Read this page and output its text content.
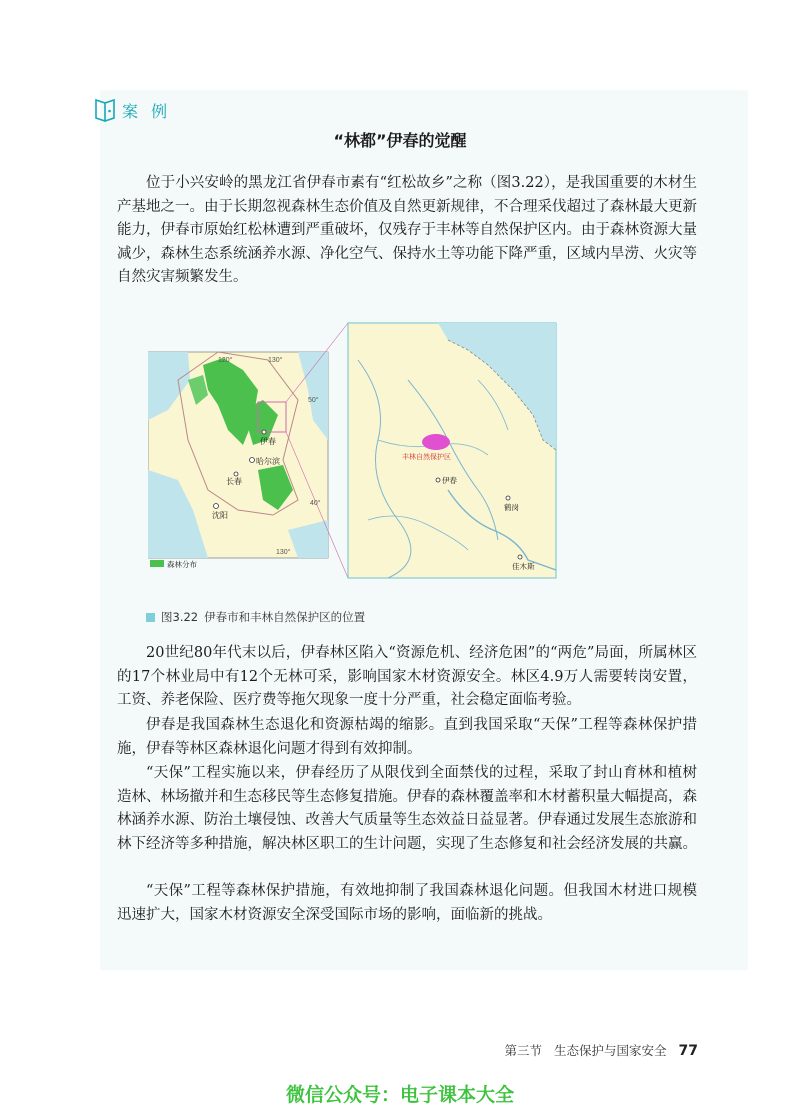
案 例
“林都”伊春的觉醒

位于小兴安岭的黑龙江省伊春市素有“红松故乡”之称（图3.22），是我国重要的木材生产基地之一。由于长期忽视森林生态价值及自然更新规律，不合理采伐超过了森林最大更新能力，伊春市原始红松林遭到严重破坏，仅残存于丰林等自然保护区内。由于森林资源大量减少，森林生态系统涵养水源、净化空气、保持水土等功能下降严重，区域内旱涝、火灾等自然灾害频繁发生。

120°	130°
50°
40°
130°
伊春
哈尔滨
长春
沈阳
森林分布
丰林自然保护区
伊春
鹤岗
佳木斯
图3.22 伊春市和丰林自然保护区的位置

20世纪80年代末以后，伊春林区陷入“资源危机、经济危困”的“两危”局面，所属林区的17个林业局中有12个无林可采，影响国家木材资源安全。林区4.9万人需要转岗安置，工资、养老保险、医疗费等拖欠现象一度十分严重，社会稳定面临考验。

伊春是我国森林生态退化和资源枯竭的缩影。直到我国采取“天保”工程等森林保护措施，伊春等林区森林退化问题才得到有效抑制。

“天保”工程实施以来，伊春经历了从限伐到全面禁伐的过程，采取了封山育林和植树造林、林场撤并和生态移民等生态修复措施。伊春的森林覆盖率和木材蓄积量大幅提高，森林涵养水源、防治土壤侵蚀、改善大气质量等生态效益日益显著。伊春通过发展生态旅游和林下经济等多种措施，解决林区职工的生计问题，实现了生态修复和社会经济发展的共赢。

“天保”工程等森林保护措施，有效地抑制了我国森林退化问题。但我国木材进口规模迅速扩大，国家木材资源安全深受国际市场的影响，面临新的挑战。

第三节 生态保护与国家安全 77
微信公众号：电子课本大全
